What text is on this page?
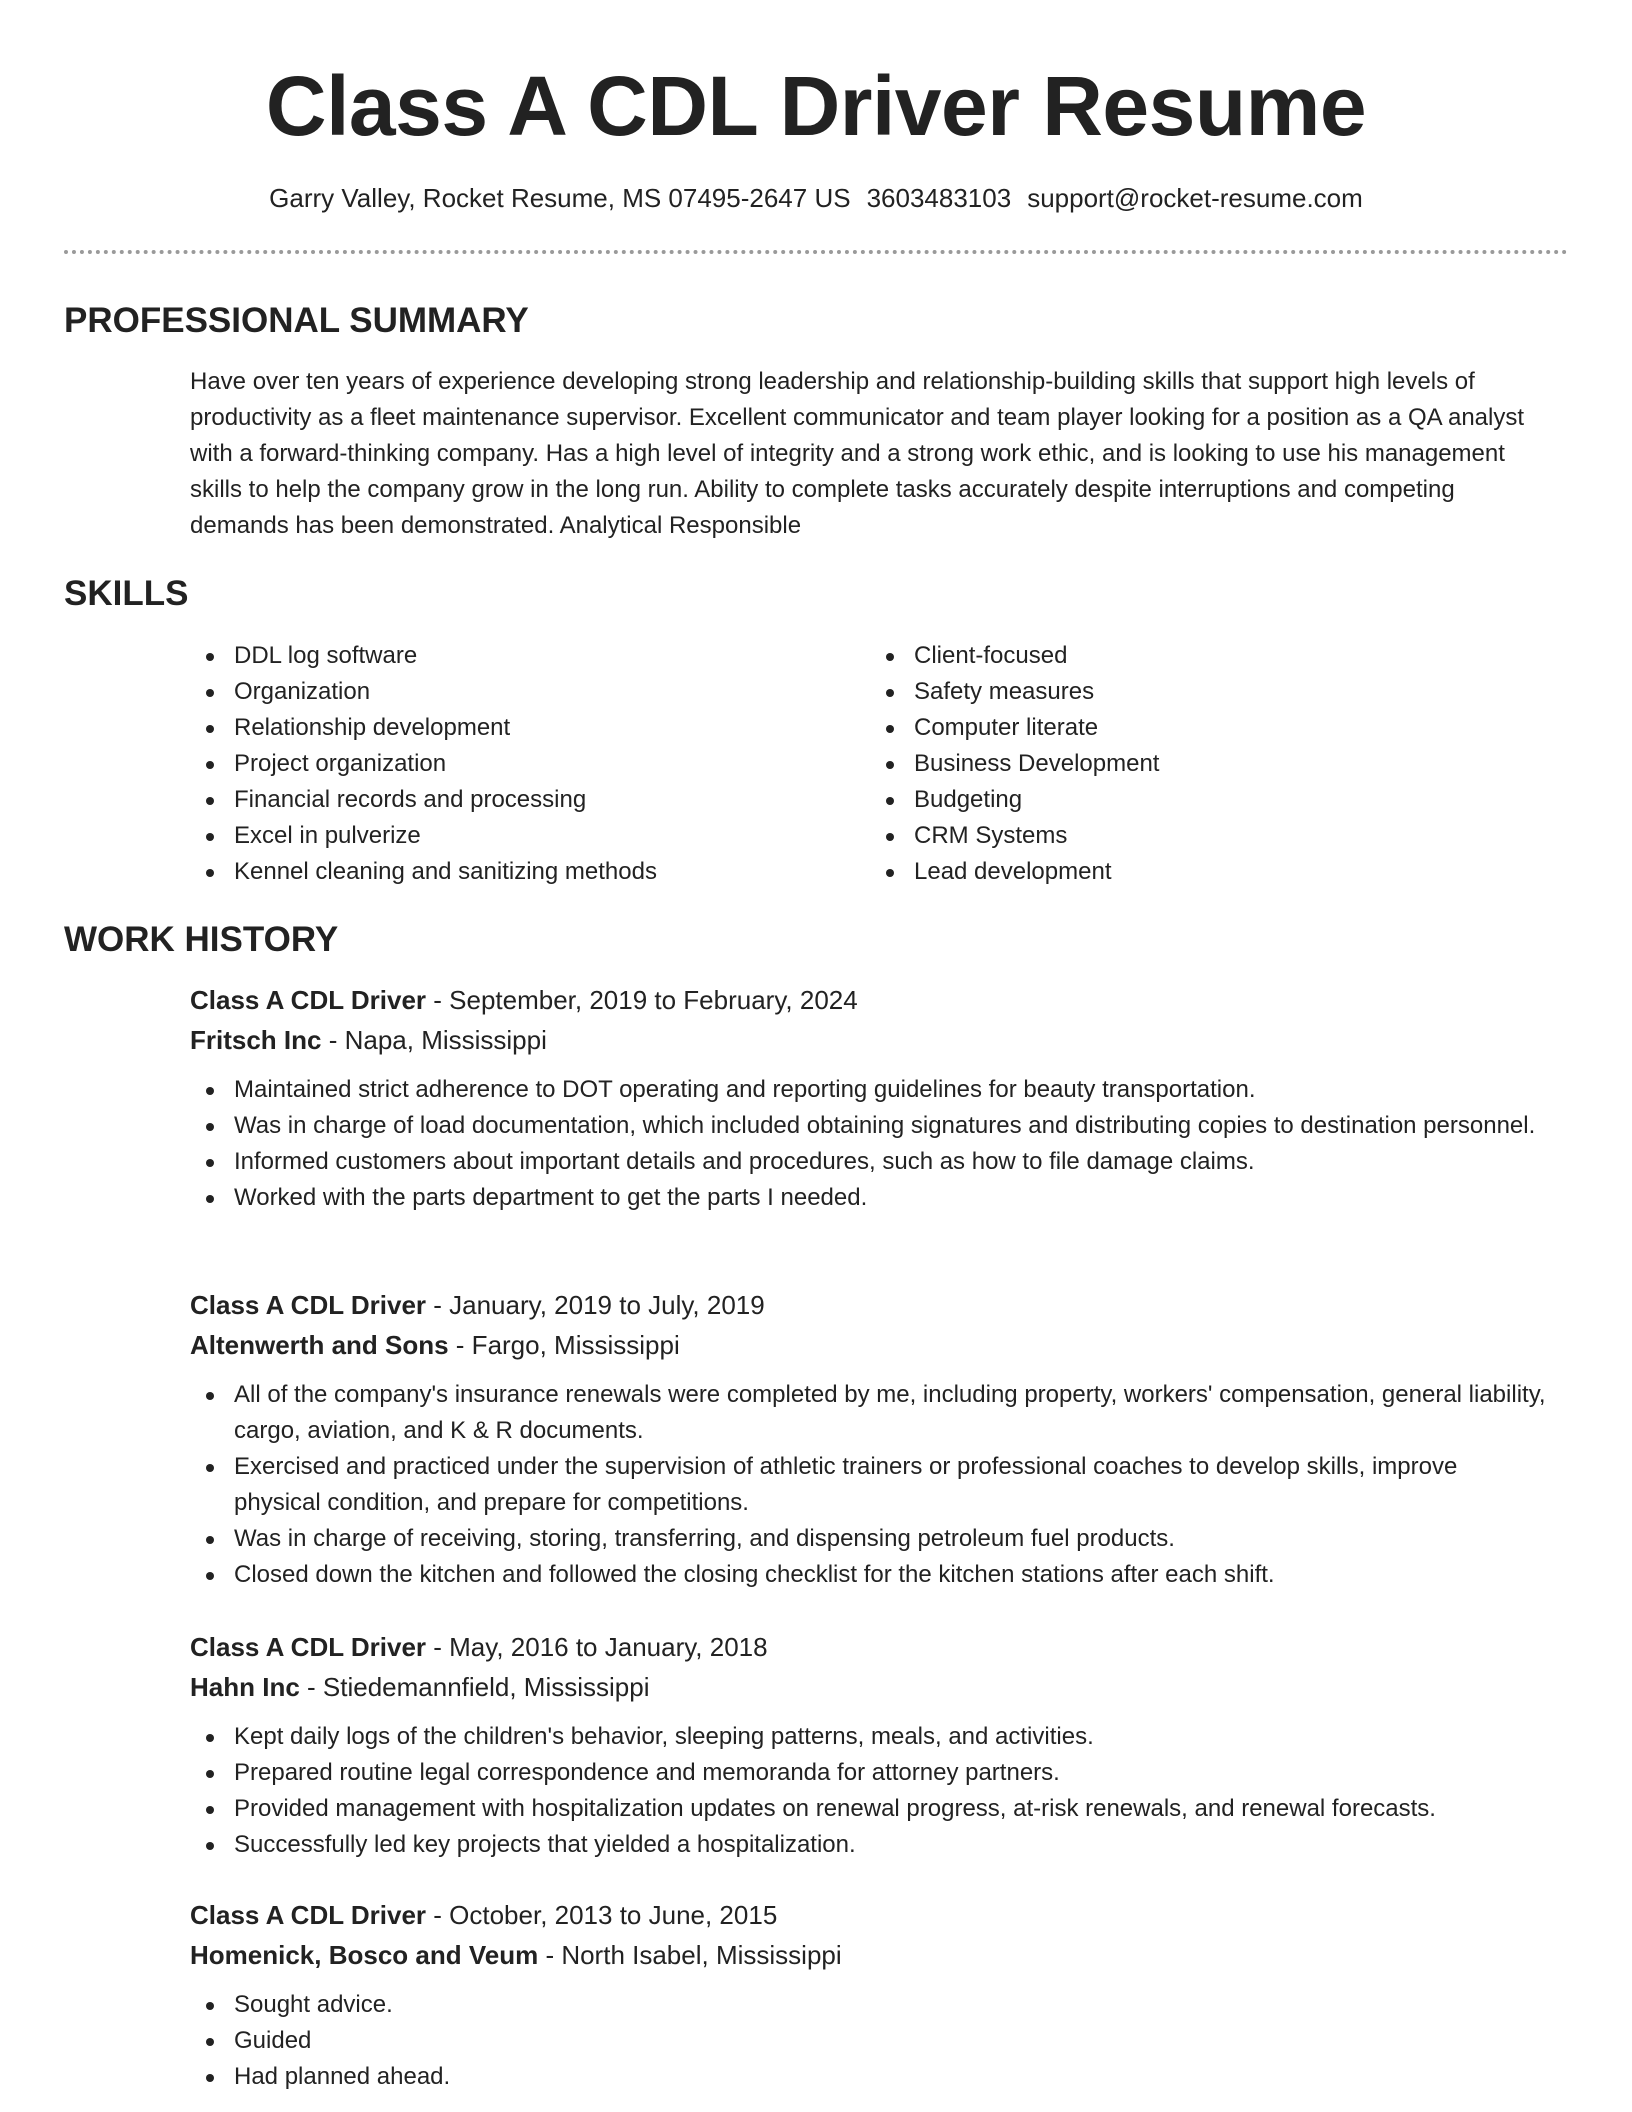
Class A CDL Driver Resume
Garry Valley, Rocket Resume, MS 07495-2647 US 3603483103 support@rocket-resume.com
PROFESSIONAL SUMMARY

Have over ten years of experience developing strong leadership and relationship-building skills that support high levels of productivity as a fleet maintenance supervisor. Excellent communicator and team player looking for a position as a QA analyst with a forward-thinking company. Has a high level of integrity and a strong work ethic, and is looking to use his management skills to help the company grow in the long run. Ability to complete tasks accurately despite interruptions and competing demands has been demonstrated. Analytical Responsible

SKILLS
DDL log software
Organization
Relationship development
Project organization
Financial records and processing
Excel in pulverize
Kennel cleaning and sanitizing methods
Client-focused
Safety measures
Computer literate
Business Development
Budgeting
CRM Systems
Lead development
WORK HISTORY
Class A CDL Driver - September, 2019 to February, 2024
Fritsch Inc - Napa, Mississippi
Maintained strict adherence to DOT operating and reporting guidelines for beauty transportation.
Was in charge of load documentation, which included obtaining signatures and distributing copies to destination personnel.
Informed customers about important details and procedures, such as how to file damage claims.
Worked with the parts department to get the parts I needed.
Class A CDL Driver - January, 2019 to July, 2019
Altenwerth and Sons - Fargo, Mississippi
All of the company's insurance renewals were completed by me, including property, workers' compensation, general liability, cargo, aviation, and K & R documents.
Exercised and practiced under the supervision of athletic trainers or professional coaches to develop skills, improve physical condition, and prepare for competitions.
Was in charge of receiving, storing, transferring, and dispensing petroleum fuel products.
Closed down the kitchen and followed the closing checklist for the kitchen stations after each shift.
Class A CDL Driver - May, 2016 to January, 2018
Hahn Inc - Stiedemannfield, Mississippi
Kept daily logs of the children's behavior, sleeping patterns, meals, and activities.
Prepared routine legal correspondence and memoranda for attorney partners.
Provided management with hospitalization updates on renewal progress, at-risk renewals, and renewal forecasts.
Successfully led key projects that yielded a hospitalization.
Class A CDL Driver - October, 2013 to June, 2015
Homenick, Bosco and Veum - North Isabel, Mississippi
Sought advice.
Guided
Had planned ahead.
